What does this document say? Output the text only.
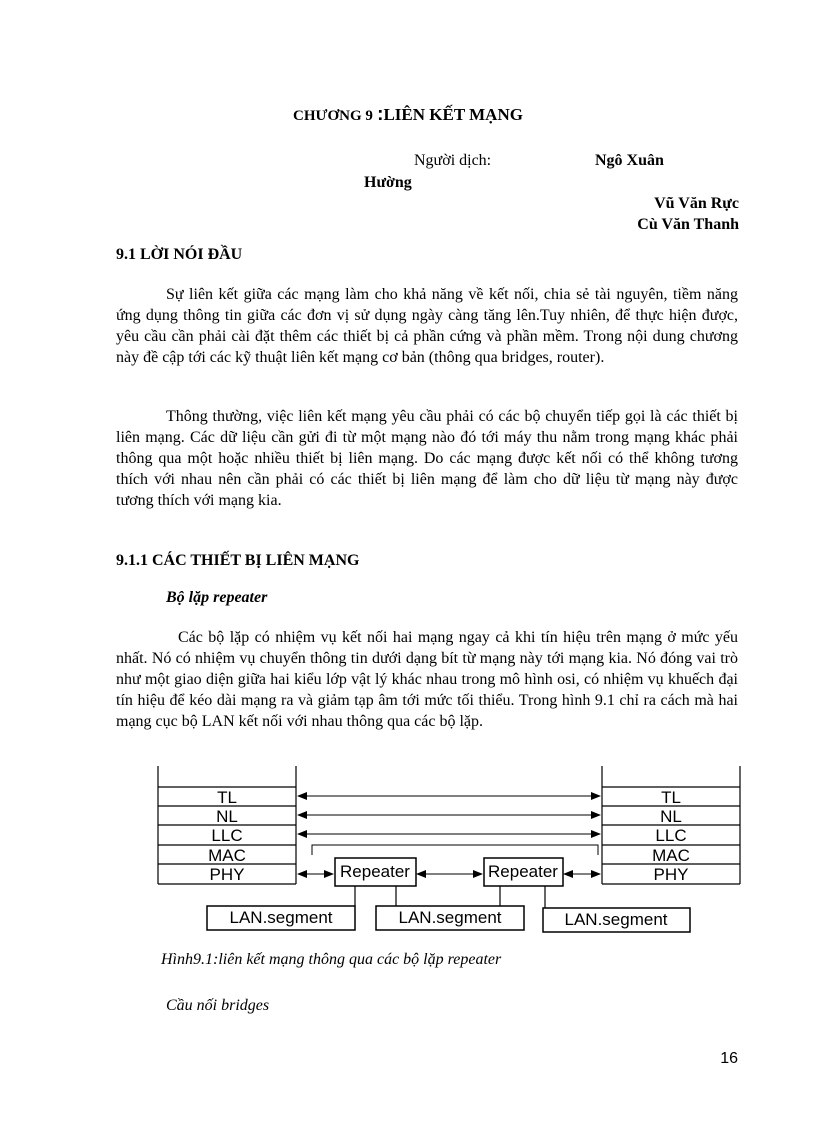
CHƯƠNG 9 :LIÊN KẾT MẠNG
Người dịch:	Ngô Xuân
Hường
Vũ Văn Rực
Cù Văn Thanh
9.1 LỜI NÓI ĐẦU

Sự liên kết giữa các mạng làm cho khả năng về kết nối, chia sẻ tài nguyên, tiềm năng ứng dụng thông tin giữa các đơn vị sử dụng ngày càng tăng lên.Tuy nhiên, để thực hiện được, yêu cầu cần phải cài đặt thêm các thiết bị cả phần cứng và phần mềm. Trong nội dung chương này đề cập tới các kỹ thuật liên kết mạng cơ bản (thông qua bridges, router).

Thông thường, việc liên kết mạng yêu cầu phải có các bộ chuyển tiếp gọi là các thiết bị liên mạng. Các dữ liệu cần gửi đi từ một mạng nào đó tới máy thu nằm trong mạng khác phải thông qua một hoặc nhiều thiết bị liên mạng. Do các mạng được kết nối có thể không tương thích với nhau nên cần phải có các thiết bị liên mạng để làm cho dữ liệu từ mạng này được tương thích với mạng kia.

9.1.1 CÁC THIẾT BỊ LIÊN MẠNG
Bộ lặp repeater

Các bộ lặp có nhiệm vụ kết nối hai mạng ngay cả khi tín hiệu trên mạng ở mức yếu nhất. Nó có nhiệm vụ chuyển thông tin dưới dạng bít từ mạng này tới mạng kia. Nó đóng vai trò như một giao diện giữa hai kiểu lớp vật lý khác nhau trong mô hình osi, có nhiệm vụ khuếch đại tín hiệu để kéo dài mạng ra và giảm tạp âm tới mức tối thiểu. Trong hình 9.1 chỉ ra cách mà hai mạng cục bộ LAN kết nối với nhau thông qua các bộ lặp.

TL
NL
LLC
MAC
PHY
TL
NL
LLC
MAC
PHY
Repeater	Repeater
LAN.segment	LAN.segment	LAN.segment
Hình9.1:liên kết mạng thông qua các bộ lặp repeater
Cầu nối bridges
16
